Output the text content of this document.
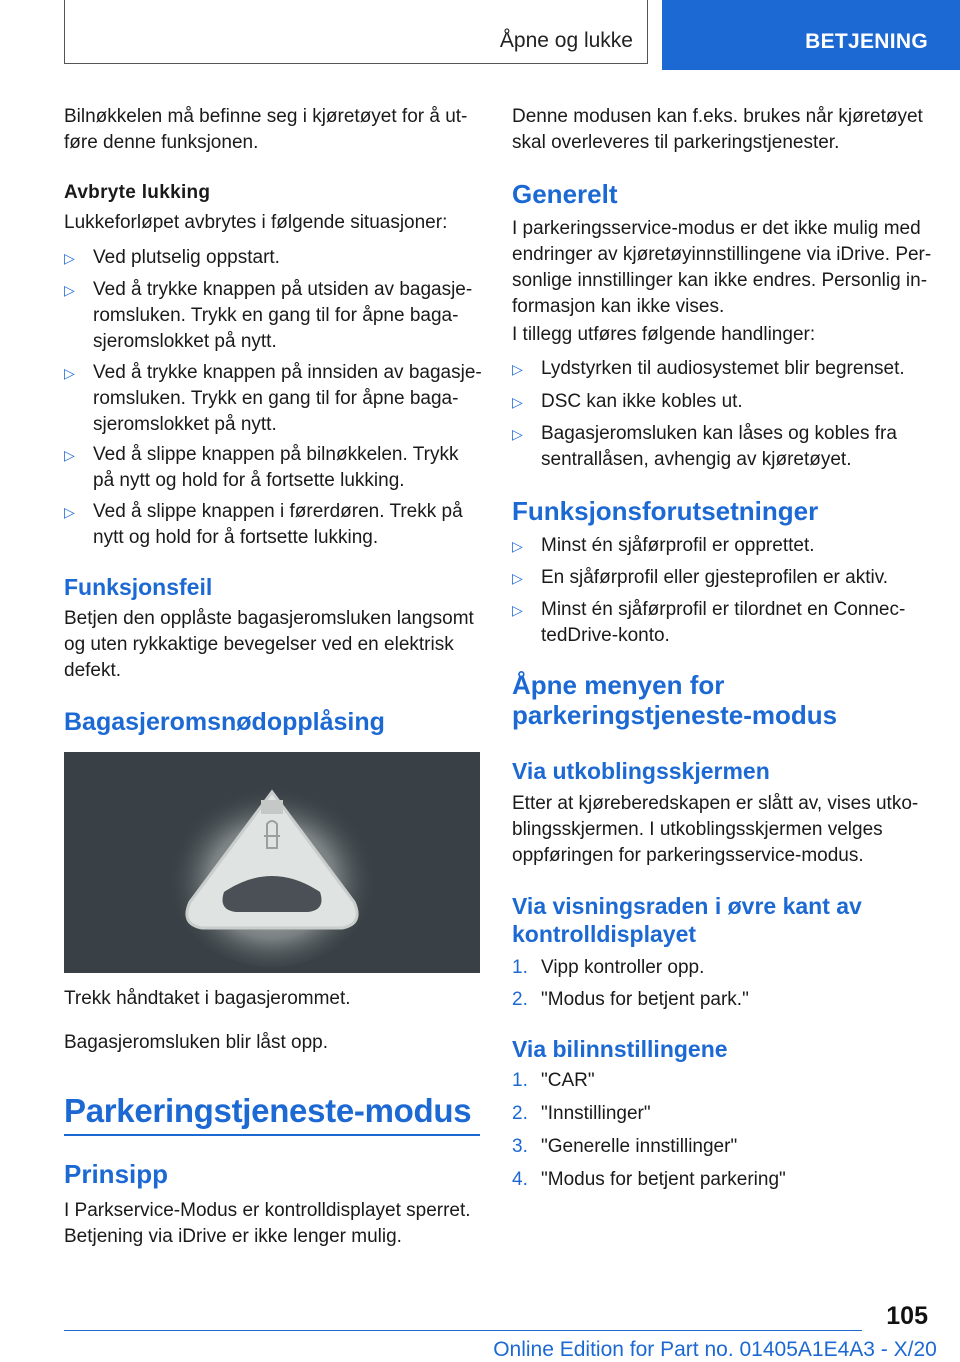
Åpne og lukke	BETJENING

Bilnøkkelen må befinne seg i kjøretøyet for å ut-
føre denne funksjonen.

Avbryte lukking

Lukkeforløpet avbrytes i følgende situasjoner:

▷ Ved plutselig oppstart.
▷ Ved å trykke knappen på utsiden av bagasje-
romsluken. Trykk en gang til for åpne baga-
sjeromslokket på nytt.
▷ Ved å trykke knappen på innsiden av bagasje-
romsluken. Trykk en gang til for åpne baga-
sjeromslokket på nytt.
▷ Ved å slippe knappen på bilnøkkelen. Trykk
på nytt og hold for å fortsette lukking.
▷ Ved å slippe knappen i førerdøren. Trekk på
nytt og hold for å fortsette lukking.

Funksjonsfeil

Betjen den opplåste bagasjeromsluken langsomt
og uten rykkaktige bevegelser ved en elektrisk
defekt.

Bagasjeromsnødopplåsing

Trekk håndtaket i bagasjerommet.

Bagasjeromsluken blir låst opp.

Parkeringstjeneste-modus

Prinsipp

I Parkservice-Modus er kontrolldisplayet sperret.
Betjening via iDrive er ikke lenger mulig.

Denne modusen kan f.eks. brukes når kjøretøyet
skal overleveres til parkeringstjenester.

Generelt

I parkeringsservice-modus er det ikke mulig med
endringer av kjøretøyinnstillingene via iDrive. Per-
sonlige innstillinger kan ikke endres. Personlig in-
formasjon kan ikke vises.

I tillegg utføres følgende handlinger:

▷ Lydstyrken til audiosystemet blir begrenset.
▷ DSC kan ikke kobles ut.
▷ Bagasjeromsluken kan låses og kobles fra
sentrallåsen, avhengig av kjøretøyet.

Funksjonsforutsetninger

▷ Minst én sjåførprofil er opprettet.
▷ En sjåførprofil eller gjesteprofilen er aktiv.
▷ Minst én sjåførprofil er tilordnet en Connec-
tedDrive-konto.

Åpne menyen for
parkeringstjeneste-modus

Via utkoblingsskjermen

Etter at kjøreberedskapen er slått av, vises utko-
blingsskjermen. I utkoblingsskjermen velges
oppføringen for parkeringsservice-modus.

Via visningsraden i øvre kant av
kontrolldisplayet

1. Vipp kontroller opp.
2. "Modus for betjent park."

Via bilinnstillingene

1. "CAR"
2. "Innstillinger"
3. "Generelle innstillinger"
4. "Modus for betjent parkering"
105
Online Edition for Part no. 01405A1E4A3 - X/20
